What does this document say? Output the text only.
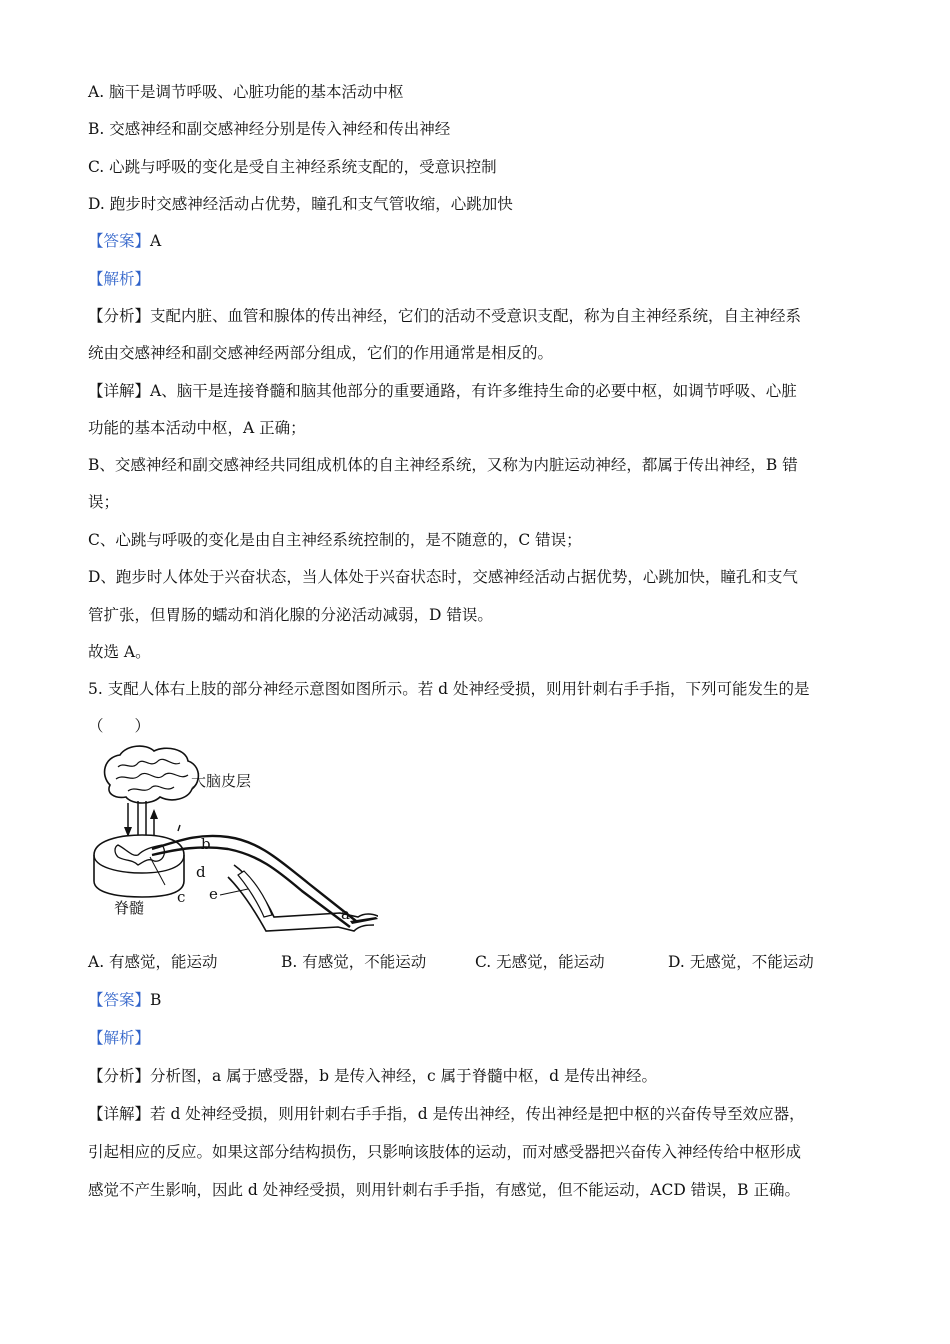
A. 脑干是调节呼吸、心脏功能的基本活动中枢
B. 交感神经和副交感神经分别是传入神经和传出神经
C. 心跳与呼吸的变化是受自主神经系统支配的，受意识控制
D. 跑步时交感神经活动占优势，瞳孔和支气管收缩，心跳加快
【答案】A
【解析】
【分析】支配内脏、血管和腺体的传出神经，它们的活动不受意识支配，称为自主神经系统，自主神经系
统由交感神经和副交感神经两部分组成，它们的作用通常是相反的。
【详解】A、脑干是连接脊髓和脑其他部分的重要通路，有许多维持生命的必要中枢，如调节呼吸、心脏
功能的基本活动中枢，A 正确；
B、交感神经和副交感神经共同组成机体的自主神经系统，又称为内脏运动神经，都属于传出神经，B 错
误；
C、心跳与呼吸的变化是由自主神经系统控制的，是不随意的，C 错误；
D、跑步时人体处于兴奋状态，当人体处于兴奋状态时，交感神经活动占据优势，心跳加快，瞳孔和支气
管扩张，但胃肠的蠕动和消化腺的分泌活动减弱，D 错误。
故选 A。
5. 支配人体右上肢的部分神经示意图如图所示。若 d 处神经受损，则用针刺右手手指，下列可能发生的是
（　　）
大脑皮层
脊髓	a
b
c
d
e
A. 有感觉，能运动	B. 有感觉，不能运动	C. 无感觉，能运动	D. 无感觉，不能运动
【答案】B
【解析】
【分析】分析图，a 属于感受器，b 是传入神经，c 属于脊髓中枢，d 是传出神经。
【详解】若 d 处神经受损，则用针刺右手手指，d 是传出神经，传出神经是把中枢的兴奋传导至效应器，
引起相应的反应。如果这部分结构损伤，只影响该肢体的运动，而对感受器把兴奋传入神经传给中枢形成
感觉不产生影响，因此 d 处神经受损，则用针刺右手手指，有感觉，但不能运动，ACD 错误，B 正确。
